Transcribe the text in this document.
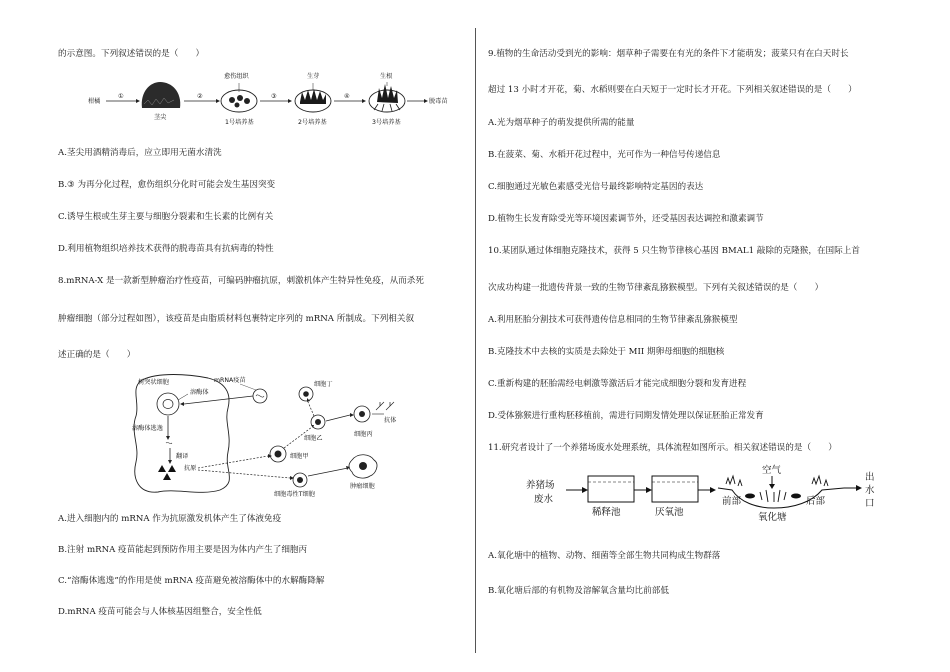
的示意图。下列叙述错误的是（　　）
柑橘
①
茎尖
②
愈伤组织
1号培养基
③
生芽
2号培养基
④
生根
3号培养基
脱毒苗
A.茎尖用酒精消毒后，应立即用无菌水清洗
B.③ 为再分化过程，愈伤组织分化时可能会发生基因突变
C.诱导生根或生芽主要与细胞分裂素和生长素的比例有关
D.利用植物组织培养技术获得的脱毒苗具有抗病毒的特性
8.mRNA-X 是一款新型肿瘤治疗性疫苗，可编码肿瘤抗原，刺激机体产生特异性免疫，从而杀死
肿瘤细胞（部分过程如图），该疫苗是由脂质材料包裹特定序列的 mRNA 所制成。下列相关叙
述正确的是（　　）
树突状细胞
溶酶体
mRNA疫苗
溶酶体逃逸
翻译
抗原
细胞丁
细胞乙
细胞丙
抗体
细胞甲
细胞毒性T细胞
肿瘤细胞
A.进入细胞内的 mRNA 作为抗原激发机体产生了体液免疫
B.注射 mRNA 疫苗能起到预防作用主要是因为体内产生了细胞丙
C.“溶酶体逃逸”的作用是使 mRNA 疫苗避免被溶酶体中的水解酶降解
D.mRNA 疫苗可能会与人体核基因组整合，安全性低
9.植物的生命活动受到光的影响：烟草种子需要在有光的条件下才能萌发；菠菜只有在白天时长
超过 13 小时才开花，菊、水稻则要在白天短于一定时长才开花。下列相关叙述错误的是（　　）
A.光为烟草种子的萌发提供所需的能量
B.在菠菜、菊、水稻开花过程中，光可作为一种信号传递信息
C.细胞通过光敏色素感受光信号最终影响特定基因的表达
D.植物生长发育除受光等环境因素调节外，还受基因表达调控和激素调节
10.某团队通过体细胞克隆技术，获得 5 只生物节律核心基因 BMAL1 敲除的克隆猴，在国际上首
次成功构建一批遗传背景一致的生物节律紊乱猕猴模型。下列有关叙述错误的是（　　）
A.利用胚胎分割技术可获得遗传信息相同的生物节律紊乱猕猴模型
B.克隆技术中去核的实质是去除处于 MII 期卵母细胞的细胞核
C.重新构建的胚胎需经电刺激等激活后才能完成细胞分裂和发育进程
D.受体猕猴进行重构胚移植前，需进行同期发情处理以保证胚胎正常发育
11.研究者设计了一个养猪场废水处理系统，具体流程如图所示。相关叙述错误的是（　　）
养猪场
废水
稀释池	厌氧池
空气
前部
氧化塘
后部
出
水
口
A.氧化塘中的植物、动物、细菌等全部生物共同构成生物群落
B.氧化塘后部的有机物及溶解氧含量均比前部低
